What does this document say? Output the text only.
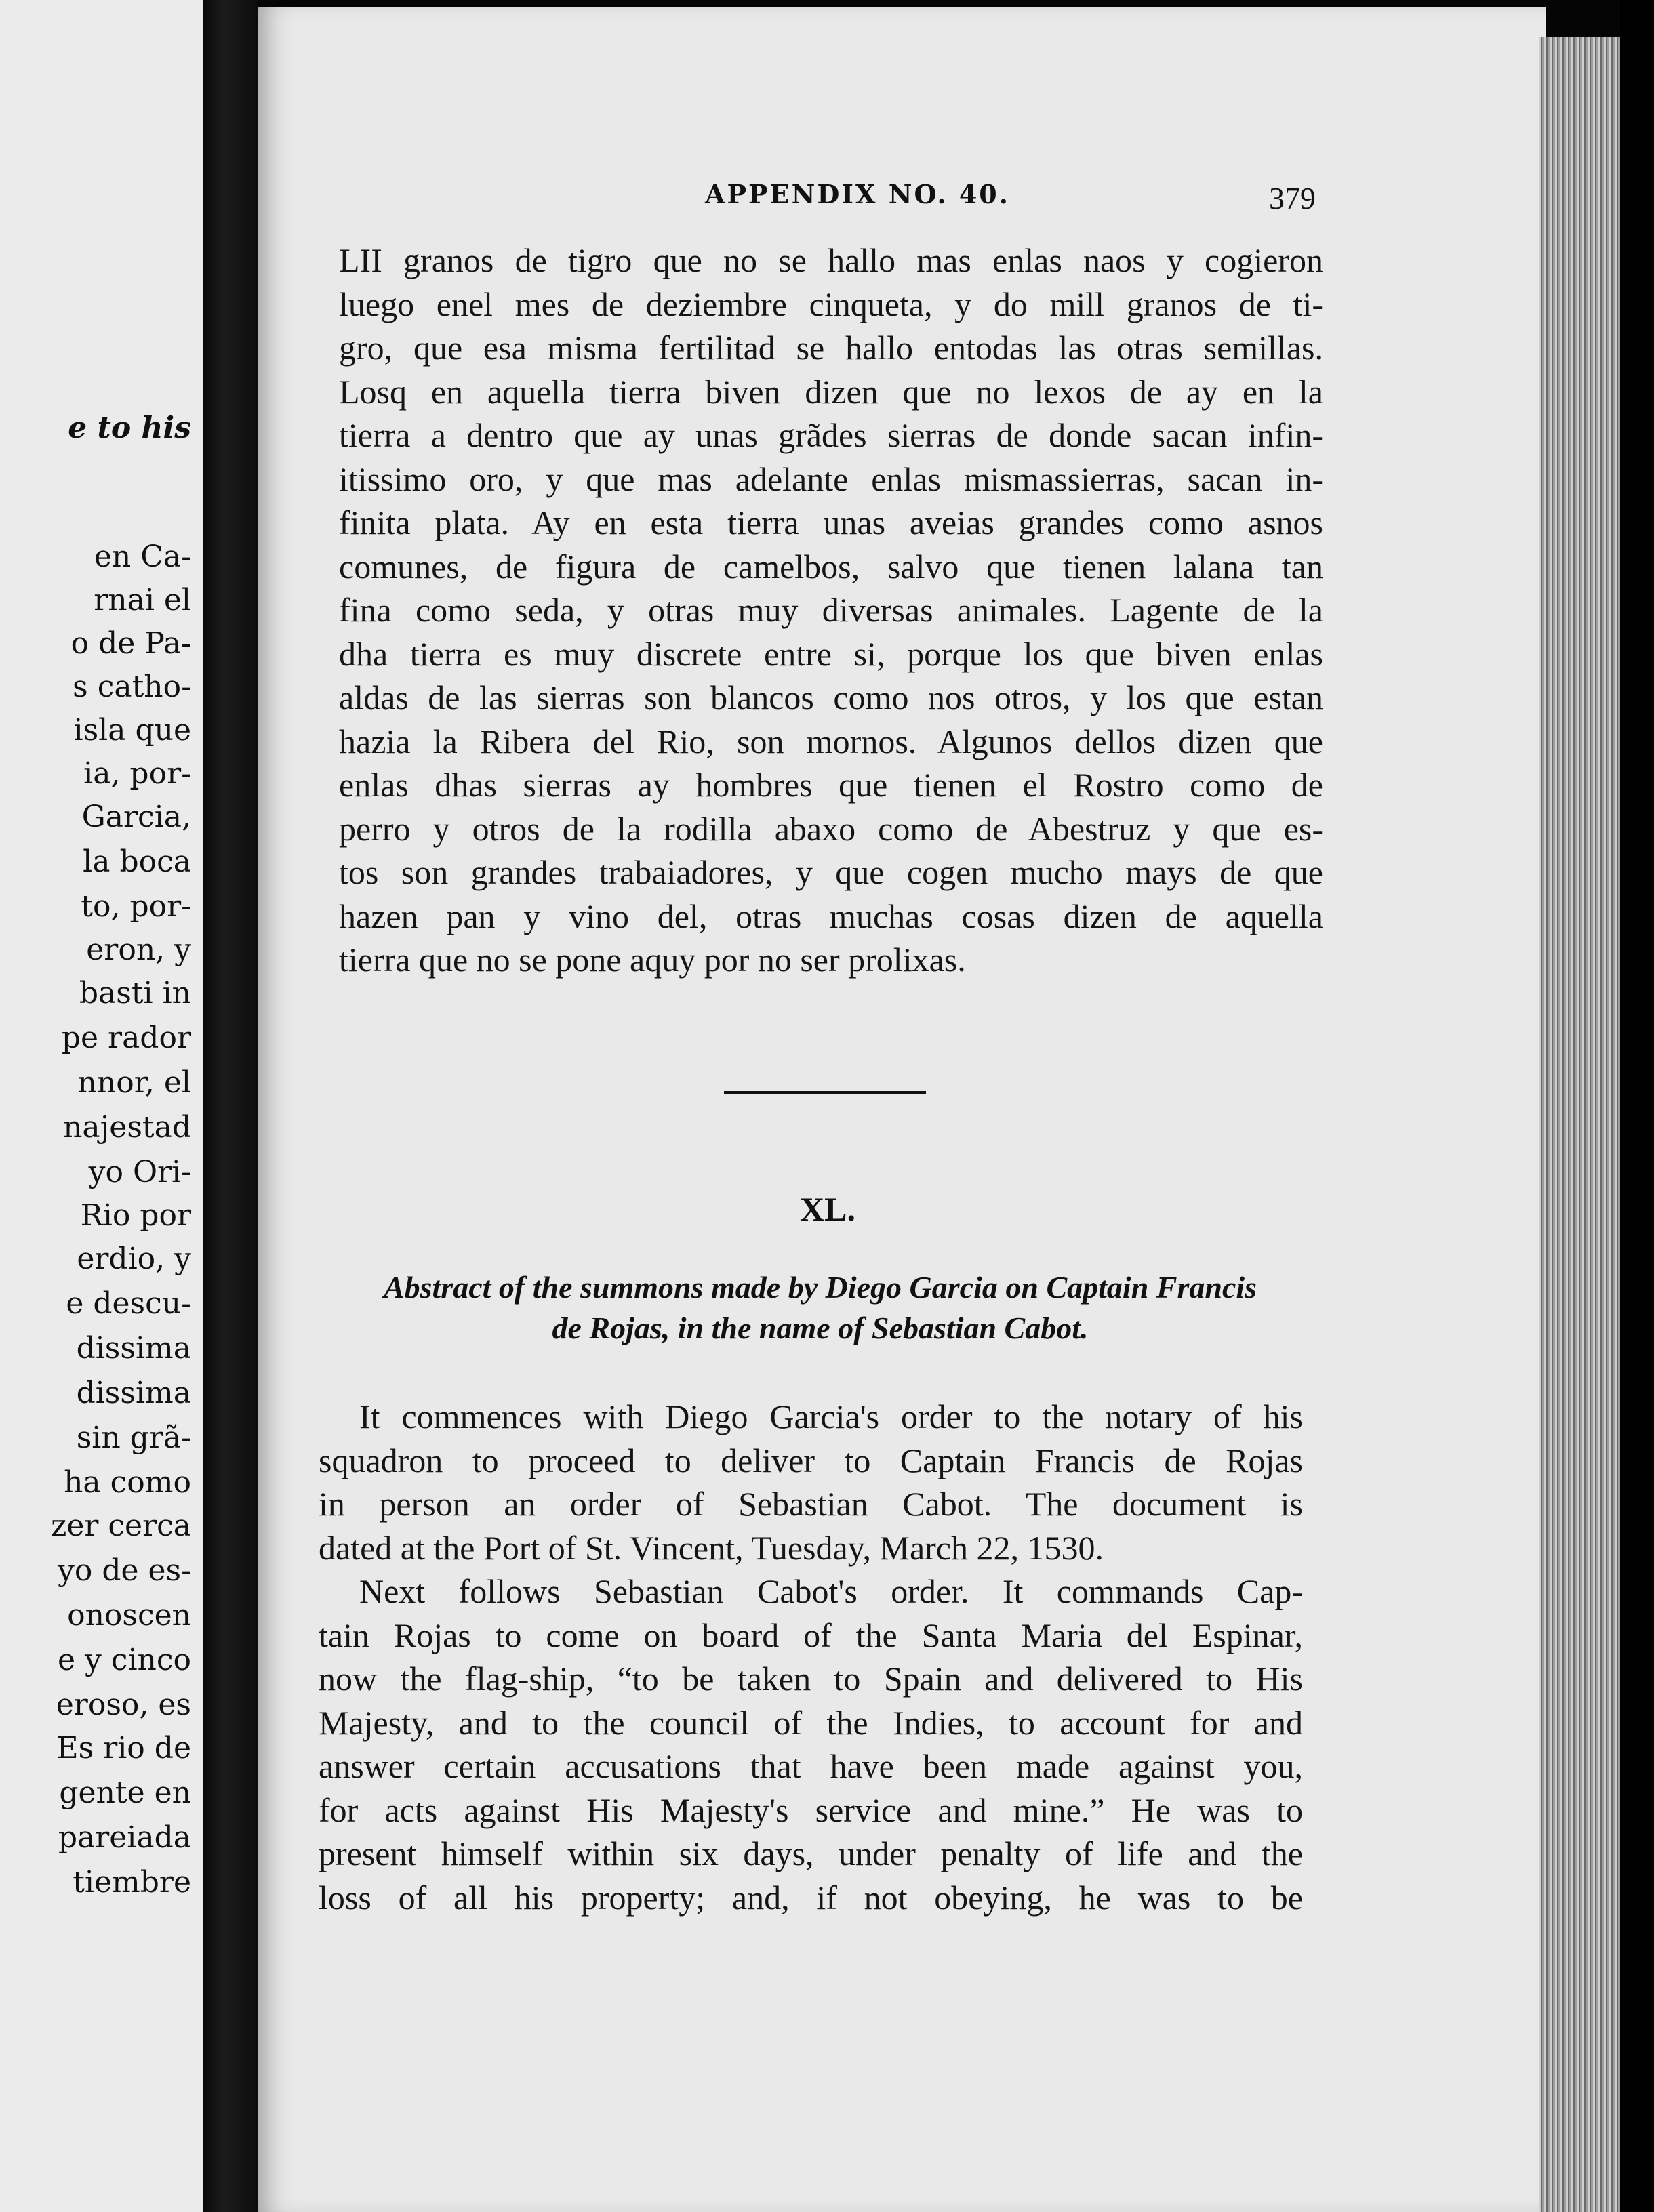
e to his
en Ca-
rnai el
o de Pa-
s catho-
isla que
ia, por-
Garcia,
la boca
to, por-
eron, y
basti in
pe rador
nnor, el
najestad
yo Ori-
Rio por
erdio, y
e descu-
dissima
dissima
sin grã-
ha como
zer cerca
yo de es-
onoscen
e y cinco
eroso, es
Es rio de
gente en
pareiada
tiembre
APPENDIX NO. 40.	379
LII granos de tigro que no se hallo mas enlas naos y cogieron
luego enel mes de deziembre cinqueta, y do mill granos de ti-
gro, que esa misma fertilitad se hallo entodas las otras semillas.
Losq en aquella tierra biven dizen que no lexos de ay en la
tierra a dentro que ay unas grãdes sierras de donde sacan infin-
itissimo oro, y que mas adelante enlas mismassierras, sacan in-
finita plata. Ay en esta tierra unas aveias grandes como asnos
comunes, de figura de camelbos, salvo que tienen lalana tan
fina como seda, y otras muy diversas animales. Lagente de la
dha tierra es muy discrete entre si, porque los que biven enlas
aldas de las sierras son blancos como nos otros, y los que estan
hazia la Ribera del Rio, son mornos. Algunos dellos dizen que
enlas dhas sierras ay hombres que tienen el Rostro como de
perro y otros de la rodilla abaxo como de Abestruz y que es-
tos son grandes trabaiadores, y que cogen mucho mays de que
hazen pan y vino del, otras muchas cosas dizen de aquella
tierra que no se pone aquy por no ser prolixas.
XL.
Abstract of the summons made by Diego Garcia on Captain Francis
de Rojas, in the name of Sebastian Cabot.
It commences with Diego Garcia's order to the notary of his
squadron to proceed to deliver to Captain Francis de Rojas
in person an order of Sebastian Cabot. The document is
dated at the Port of St. Vincent, Tuesday, March 22, 1530.
Next follows Sebastian Cabot's order. It commands Cap-
tain Rojas to come on board of the Santa Maria del Espinar,
now the flag-ship, “to be taken to Spain and delivered to His
Majesty, and to the council of the Indies, to account for and
answer certain accusations that have been made against you,
for acts against His Majesty's service and mine.” He was to
present himself within six days, under penalty of life and the
loss of all his property; and, if not obeying, he was to be
